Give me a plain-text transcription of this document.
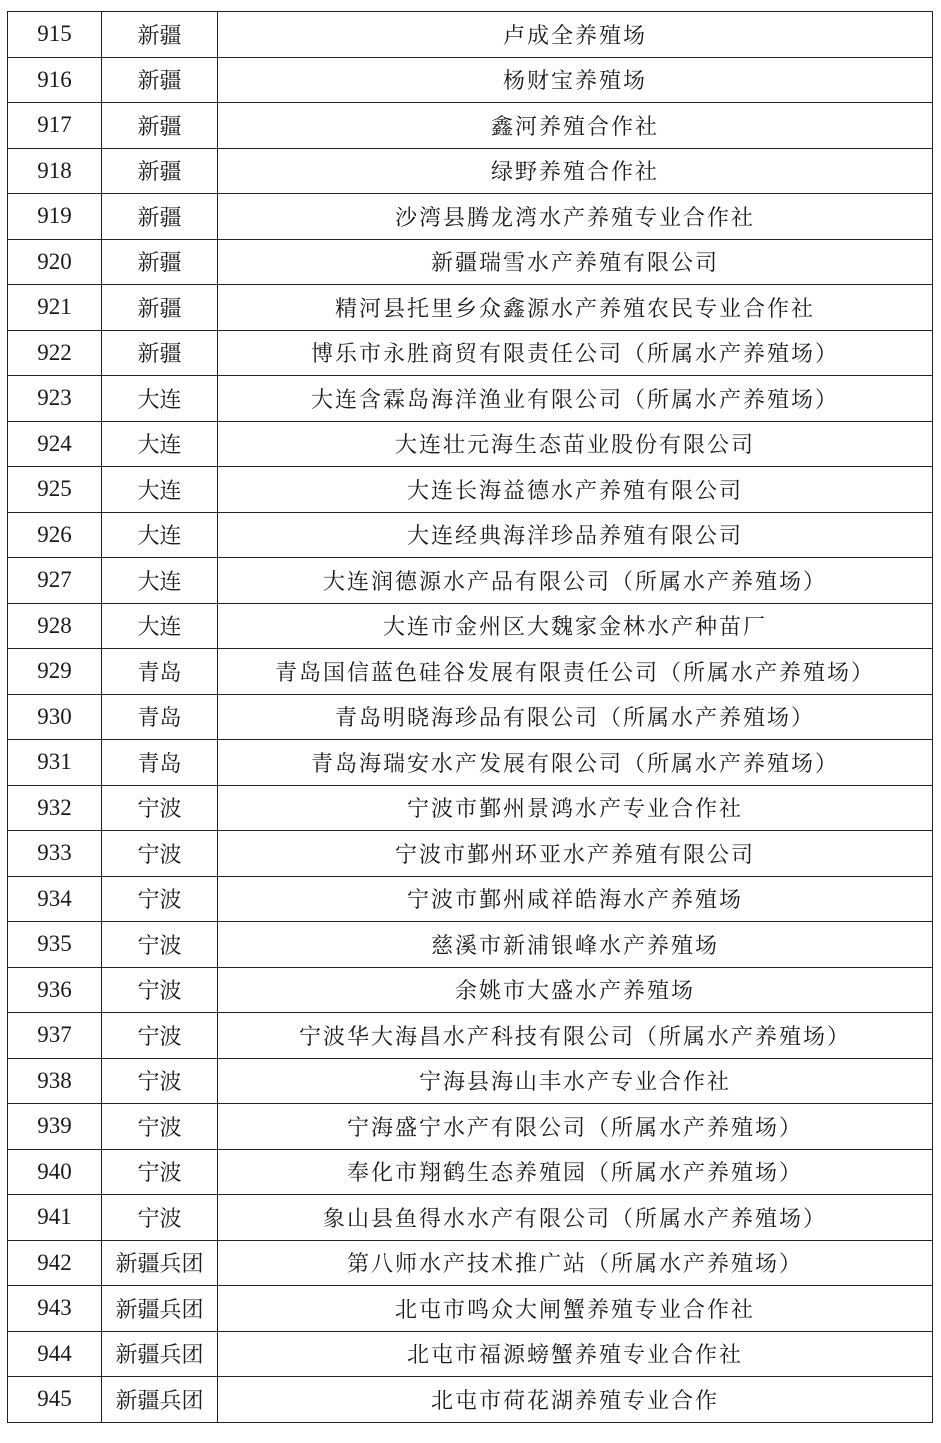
915	新疆	卢成全养殖场
916	新疆	杨财宝养殖场
917	新疆	鑫河养殖合作社
918	新疆	绿野养殖合作社
919	新疆	沙湾县腾龙湾水产养殖专业合作社
920	新疆	新疆瑞雪水产养殖有限公司
921	新疆	精河县托里乡众鑫源水产养殖农民专业合作社
922	新疆	博乐市永胜商贸有限责任公司（所属水产养殖场）
923	大连	大连含霖岛海洋渔业有限公司（所属水产养殖场）
924	大连	大连壮元海生态苗业股份有限公司
925	大连	大连长海益德水产养殖有限公司
926	大连	大连经典海洋珍品养殖有限公司
927	大连	大连润德源水产品有限公司（所属水产养殖场）
928	大连	大连市金州区大魏家金林水产种苗厂
929	青岛	青岛国信蓝色硅谷发展有限责任公司（所属水产养殖场）
930	青岛	青岛明晓海珍品有限公司（所属水产养殖场）
931	青岛	青岛海瑞安水产发展有限公司（所属水产养殖场）
932	宁波	宁波市鄞州景鸿水产专业合作社
933	宁波	宁波市鄞州环亚水产养殖有限公司
934	宁波	宁波市鄞州咸祥皓海水产养殖场
935	宁波	慈溪市新浦银峰水产养殖场
936	宁波	余姚市大盛水产养殖场
937	宁波	宁波华大海昌水产科技有限公司（所属水产养殖场）
938	宁波	宁海县海山丰水产专业合作社
939	宁波	宁海盛宁水产有限公司（所属水产养殖场）
940	宁波	奉化市翔鹤生态养殖园（所属水产养殖场）
941	宁波	象山县鱼得水水产有限公司（所属水产养殖场）
942	新疆兵团	第八师水产技术推广站（所属水产养殖场）
943	新疆兵团	北屯市鸣众大闸蟹养殖专业合作社
944	新疆兵团	北屯市福源螃蟹养殖专业合作社
945	新疆兵团	北屯市荷花湖养殖专业合作
